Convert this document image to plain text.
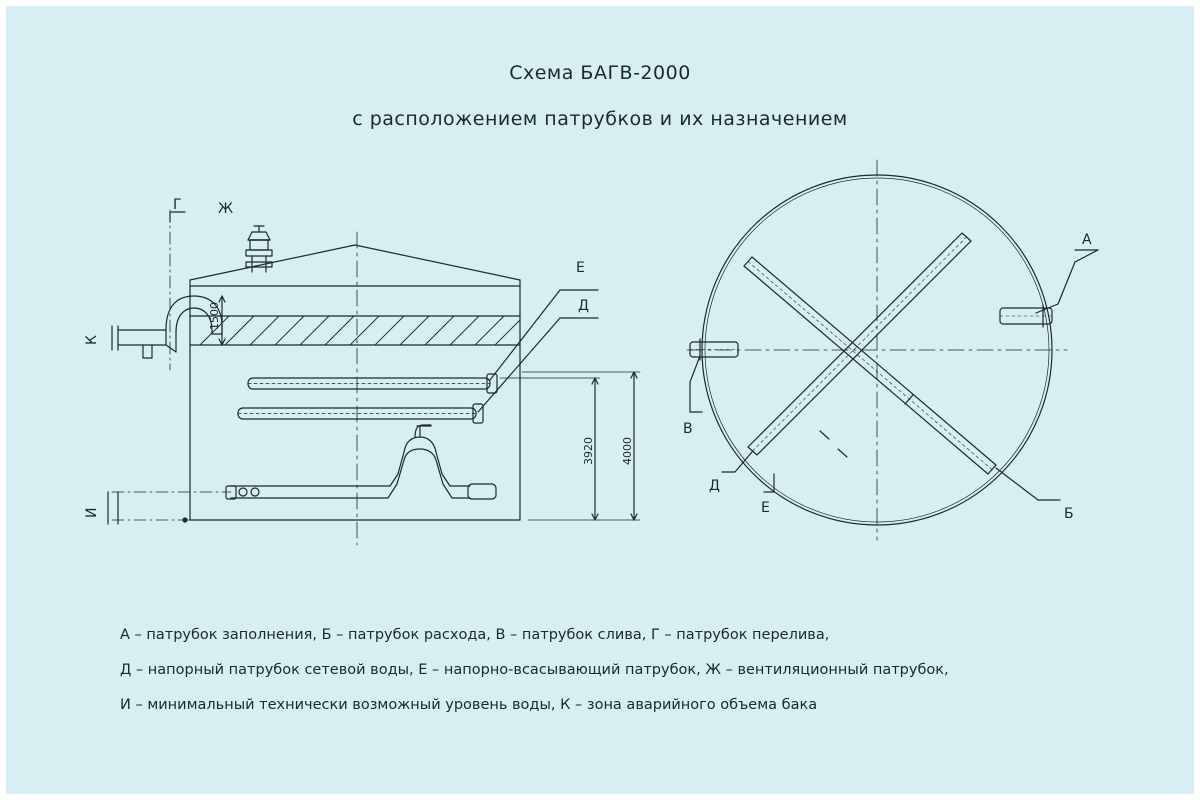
Схема БАГВ-2000
с расположением патрубков и их назначением
Г	Ж
К
И
Е
Д
1500
3920 4000
А
Б
В
Д
Е
А – патрубок заполнения, Б – патрубок расхода, В – патрубок слива, Г – патрубок перелива,
Д – напорный патрубок сетевой воды, Е – напорно-всасывающий патрубок, Ж – вентиляционный патрубок,
И – минимальный технически возможный уровень воды, К – зона аварийного объема бака
